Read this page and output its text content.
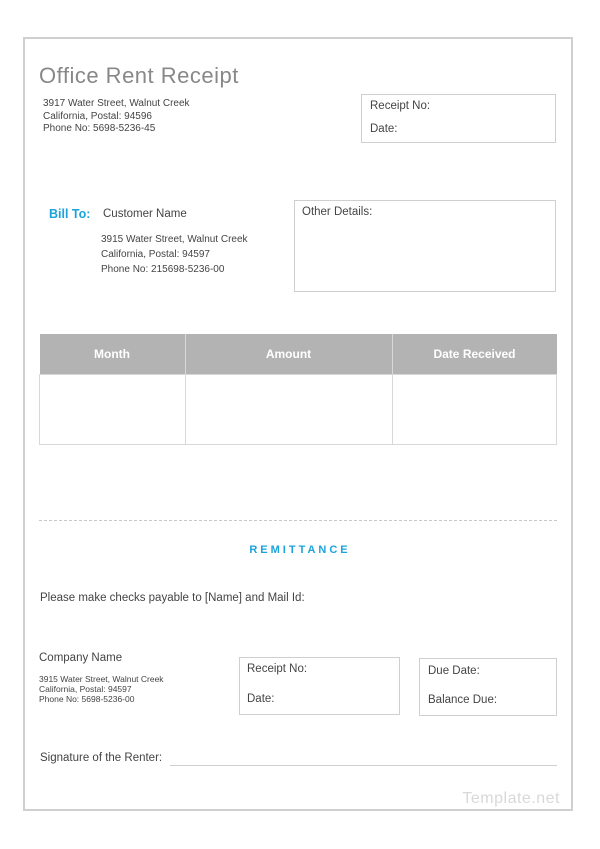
Office Rent Receipt
3917 Water Street, Walnut Creek
California, Postal: 94596
Phone No: 5698-5236-45
Receipt No:
Date:
Bill To: Customer Name
3915 Water Street, Walnut Creek
California, Postal: 94597
Phone No: 215698-5236-00
Other Details:
Month	Amount	Date Received

REMITTANCE
Please make checks payable to [Name] and Mail Id:
Company Name
3915 Water Street, Walnut Creek
California, Postal: 94597
Phone No: 5698-5236-00
Receipt No:
Date:
Due Date:
Balance Due:
Signature of the Renter:
Template.net
